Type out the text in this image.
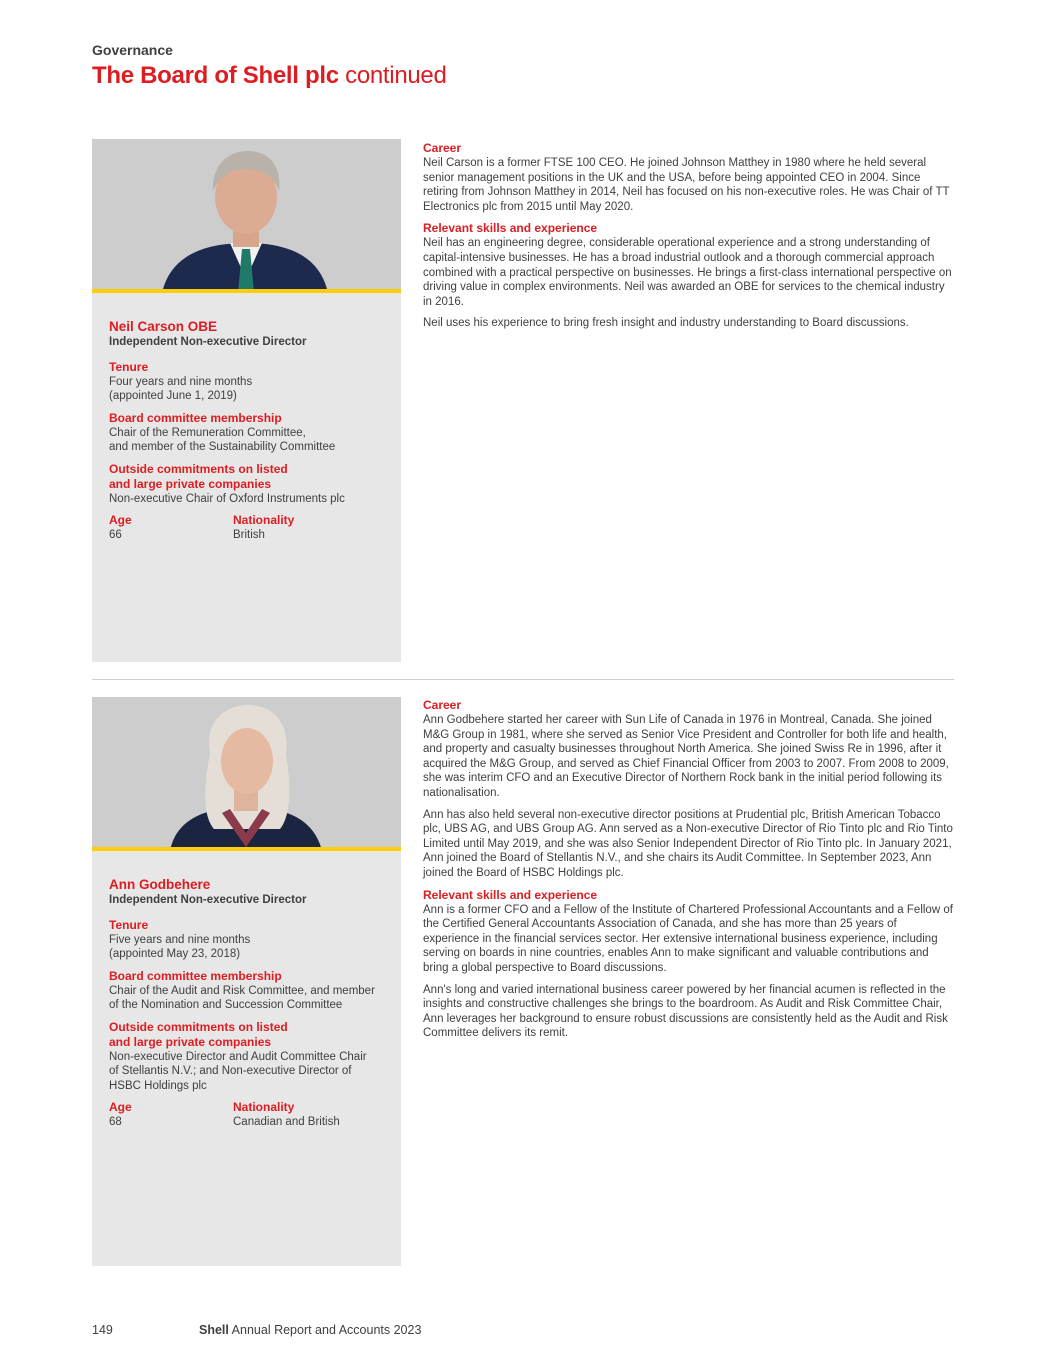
Governance
The Board of Shell plc continued
Neil Carson OBE
Independent Non-executive Director
Tenure
Four years and nine months
(appointed June 1, 2019)
Board committee membership
Chair of the Remuneration Committee,
and member of the Sustainability Committee
Outside commitments on listed
and large private companies
Non-executive Chair of Oxford Instruments plc
Age
66
Nationality
British
Career

Neil Carson is a former FTSE 100 CEO. He joined Johnson Matthey in 1980 where he held several senior management positions in the UK and the USA, before being appointed CEO in 2004. Since retiring from Johnson Matthey in 2014, Neil has focused on his non-executive roles. He was Chair of TT Electronics plc from 2015 until May 2020.

Relevant skills and experience

Neil has an engineering degree, considerable operational experience and a strong understanding of capital-intensive businesses. He has a broad industrial outlook and a thorough commercial approach combined with a practical perspective on businesses. He brings a first-class international perspective on driving value in complex environments. Neil was awarded an OBE for services to the chemical industry in 2016.

Neil uses his experience to bring fresh insight and industry understanding to Board discussions.

Ann Godbehere
Independent Non-executive Director
Tenure
Five years and nine months
(appointed May 23, 2018)
Board committee membership
Chair of the Audit and Risk Committee, and member
of the Nomination and Succession Committee
Outside commitments on listed
and large private companies
Non-executive Director and Audit Committee Chair
of Stellantis N.V.; and Non-executive Director of
HSBC Holdings plc
Age
68
Nationality
Canadian and British
Career

Ann Godbehere started her career with Sun Life of Canada in 1976 in Montreal, Canada. She joined M&G Group in 1981, where she served as Senior Vice President and Controller for both life and health, and property and casualty businesses throughout North America. She joined Swiss Re in 1996, after it acquired the M&G Group, and served as Chief Financial Officer from 2003 to 2007. From 2008 to 2009, she was interim CFO and an Executive Director of Northern Rock bank in the initial period following its nationalisation.

Ann has also held several non-executive director positions at Prudential plc, British American Tobacco plc, UBS AG, and UBS Group AG. Ann served as a Non-executive Director of Rio Tinto plc and Rio Tinto Limited until May 2019, and she was also Senior Independent Director of Rio Tinto plc. In January 2021, Ann joined the Board of Stellantis N.V., and she chairs its Audit Committee. In September 2023, Ann joined the Board of HSBC Holdings plc.

Relevant skills and experience

Ann is a former CFO and a Fellow of the Institute of Chartered Professional Accountants and a Fellow of the Certified General Accountants Association of Canada, and she has more than 25 years of experience in the financial services sector. Her extensive international business experience, including serving on boards in nine countries, enables Ann to make significant and valuable contributions and bring a global perspective to Board discussions.

Ann's long and varied international business career powered by her financial acumen is reflected in the insights and constructive challenges she brings to the boardroom. As Audit and Risk Committee Chair, Ann leverages her background to ensure robust discussions are consistently held as the Audit and Risk Committee delivers its remit.

149	Shell Annual Report and Accounts 2023
